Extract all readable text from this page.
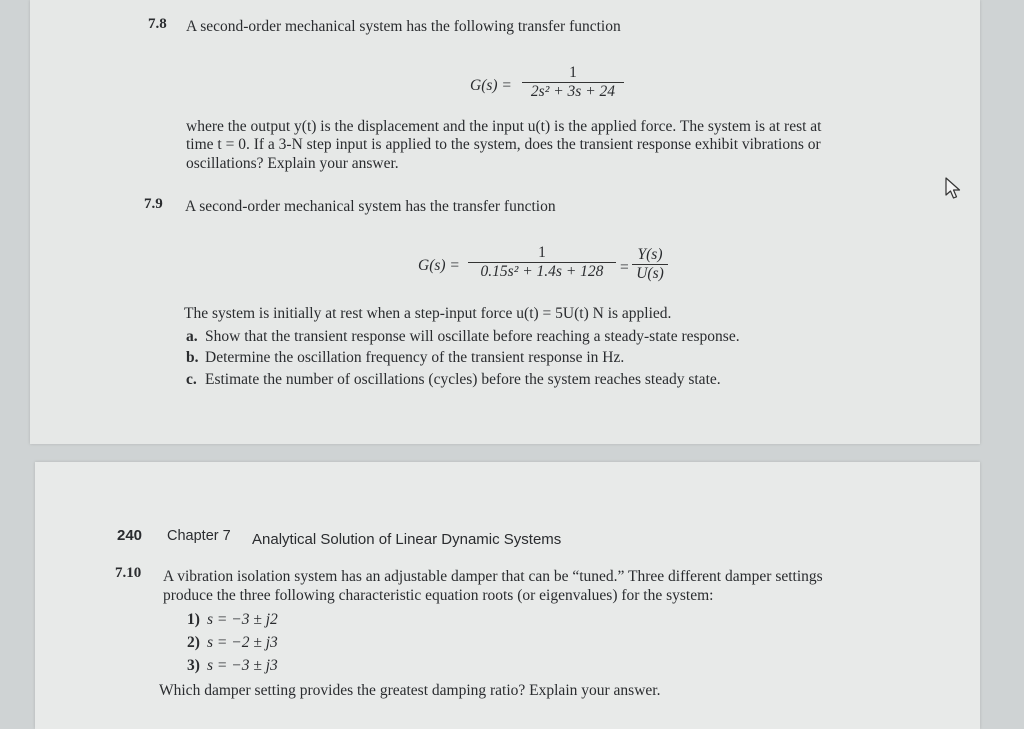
7.8 A second-order mechanical system has the following transfer function
G(s) =
1
2s² + 3s + 24
where the output y(t) is the displacement and the input u(t) is the applied force. The system is at rest at
time t = 0. If a 3-N step input is applied to the system, does the transient response exhibit vibrations or
oscillations? Explain your answer.
7.9 A second-order mechanical system has the transfer function
G(s) =
1
0.15s² + 1.4s + 128	=
Y(s)
U(s)
The system is initially at rest when a step-input force u(t) = 5U(t) N is applied.
a. Show that the transient response will oscillate before reaching a steady-state response.
b. Determine the oscillation frequency of the transient response in Hz.
c. Estimate the number of oscillations (cycles) before the system reaches steady state.
240 Chapter 7 Analytical Solution of Linear Dynamic Systems
7.10 A vibration isolation system has an adjustable damper that can be “tuned.” Three different damper settings
produce the three following characteristic equation roots (or eigenvalues) for the system:
1) s = −3 ± j2
2) s = −2 ± j3
3) s = −3 ± j3
Which damper setting provides the greatest damping ratio? Explain your answer.
